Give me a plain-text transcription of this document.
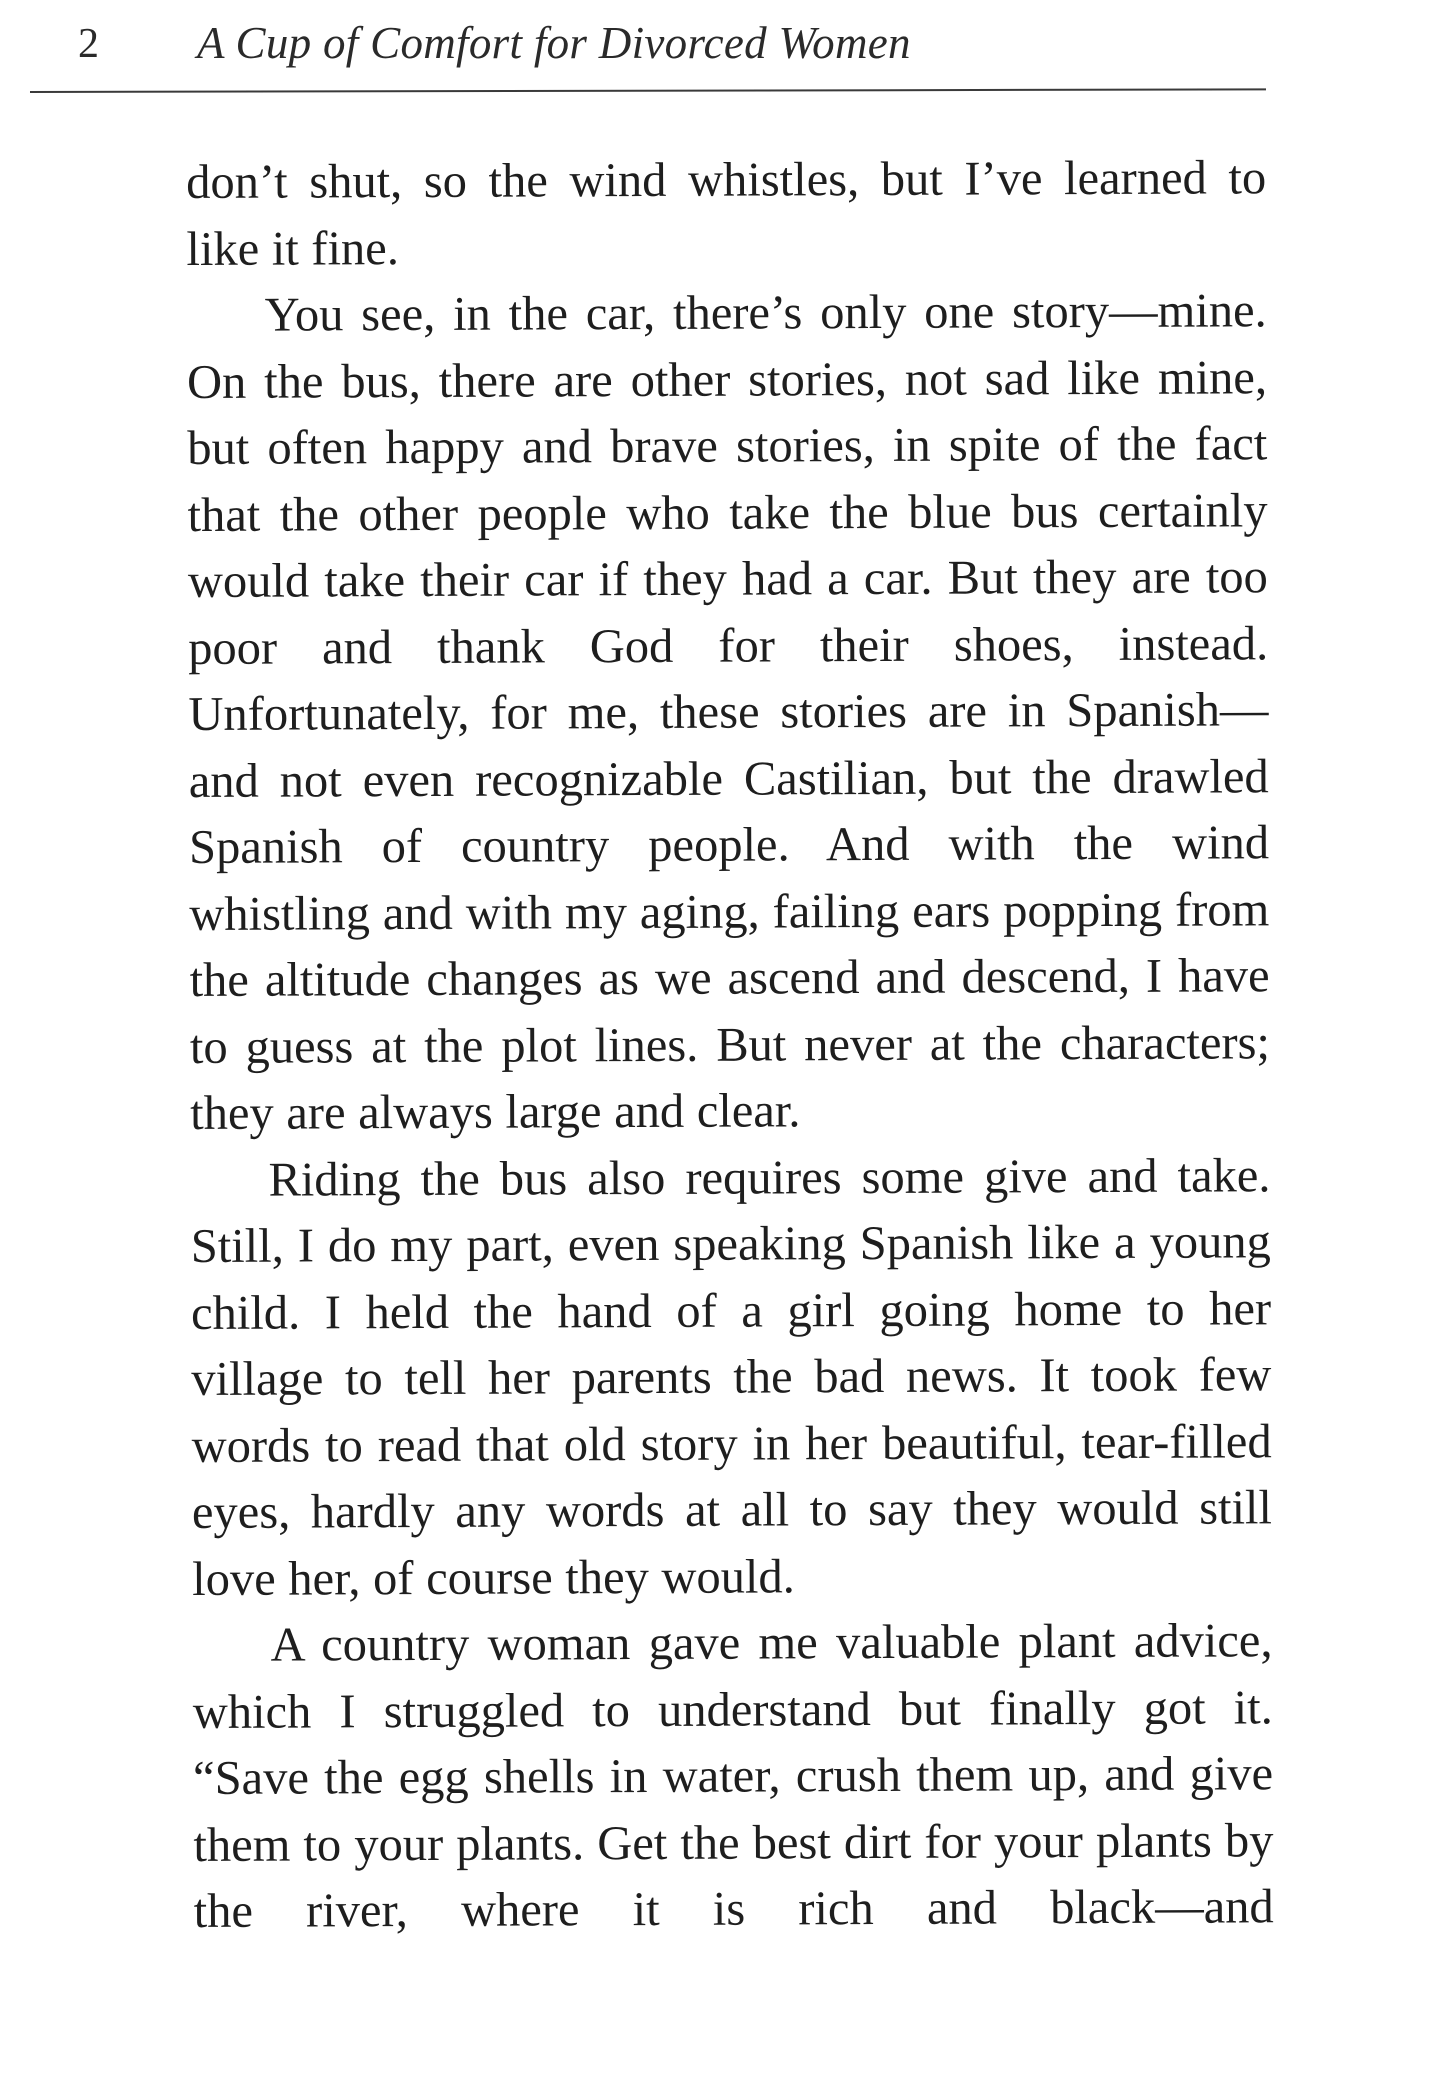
2 A Cup of Comfort for Divorced Women

don’t shut, so the wind whistles, but I’ve learned to like it fine.

You see, in the car, there’s only one story—mine. On the bus, there are other stories, not sad like mine, but often happy and brave stories, in spite of the fact that the other people who take the blue bus certainly would take their car if they had a car. But they are too poor and thank God for their shoes, instead. Unfortunately, for me, these stories are in Spanish—and not even recognizable Castilian, but the drawled Spanish of country people. And with the wind whistling and with my aging, failing ears popping from the altitude changes as we ascend and descend, I have to guess at the plot lines. But never at the characters; they are always large and clear.

Riding the bus also requires some give and take. Still, I do my part, even speaking Spanish like a young child. I held the hand of a girl going home to her village to tell her parents the bad news. It took few words to read that old story in her beautiful, tear-filled eyes, hardly any words at all to say they would still love her, of course they would.

A country woman gave me valuable plant advice, which I struggled to understand but finally got it. “Save the egg shells in water, crush them up, and give them to your plants. Get the best dirt for your plants by the river, where it is rich and black—and
